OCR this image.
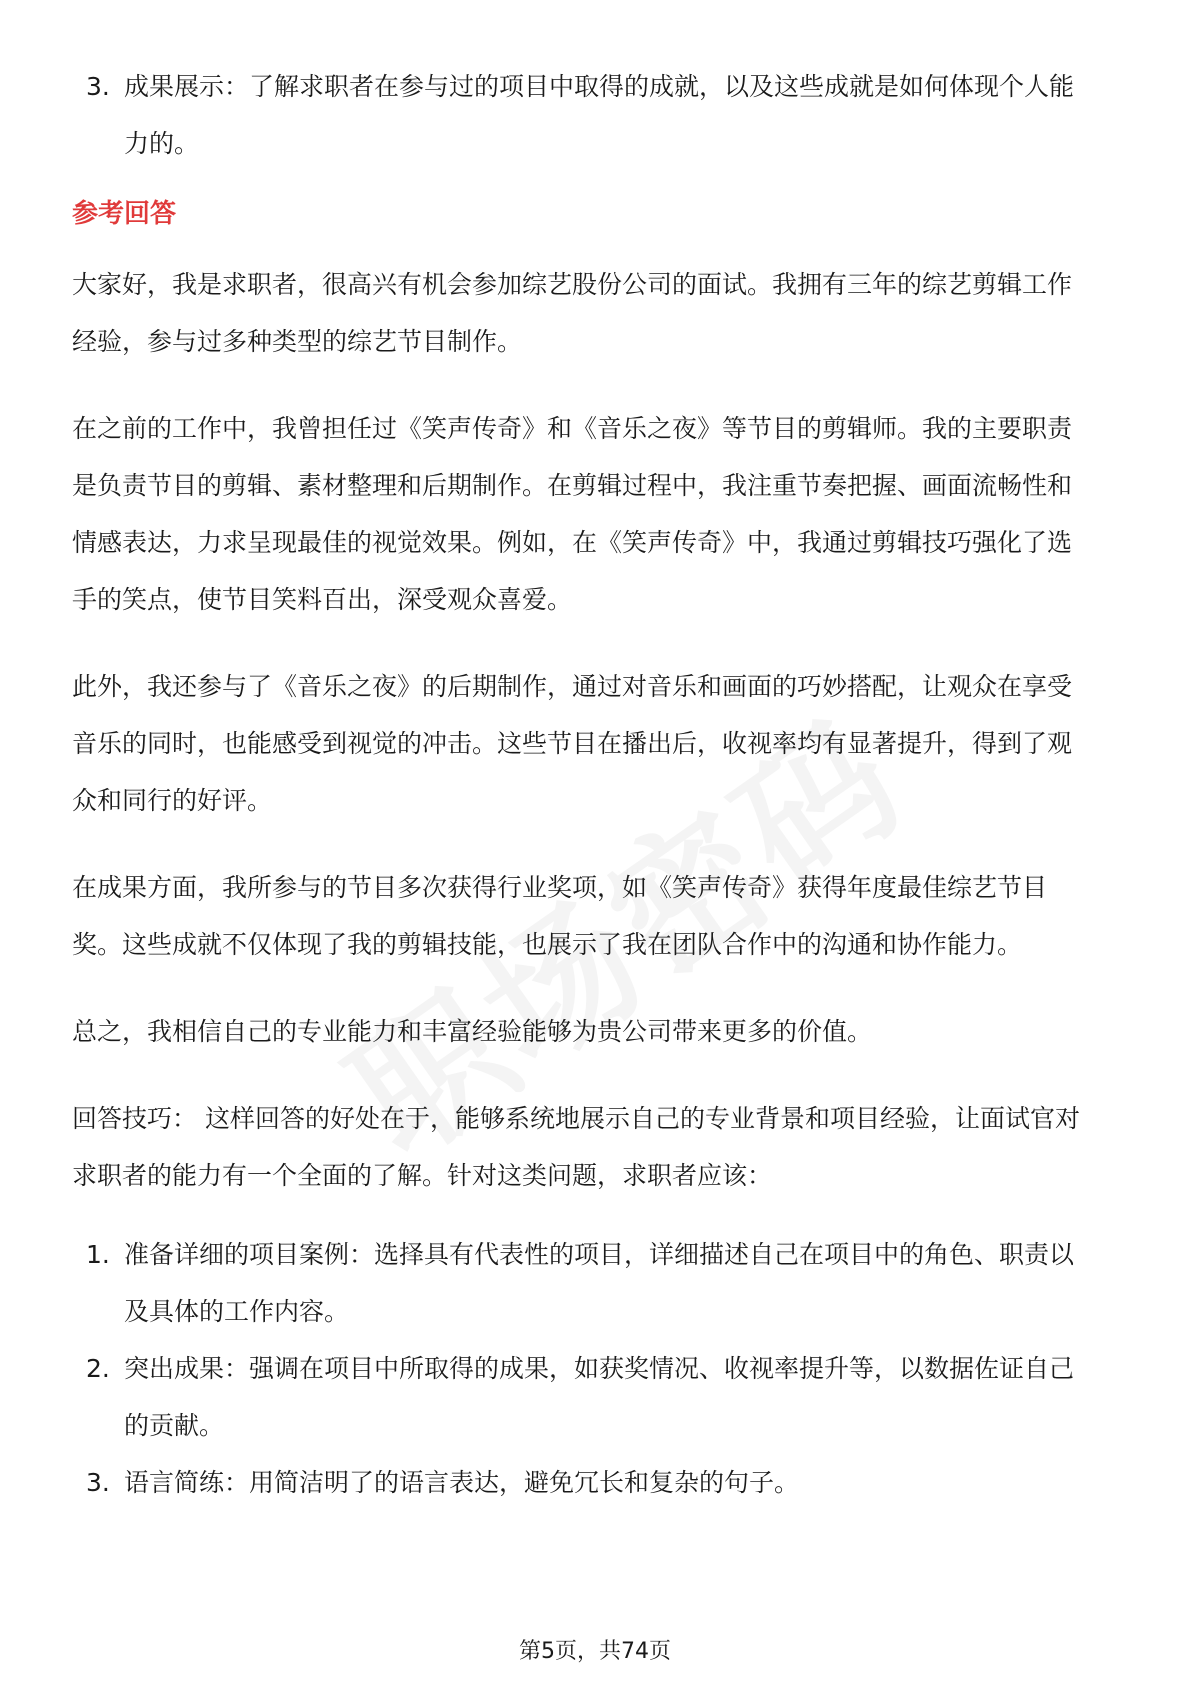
3. 成果展示：了解求职者在参与过的项目中取得的成就，以及这些成就是如何体现个人能力的。
参考回答

大家好，我是求职者，很高兴有机会参加综艺股份公司的面试。我拥有三年的综艺剪辑工作经验，参与过多种类型的综艺节目制作。

在之前的工作中，我曾担任过《笑声传奇》和《音乐之夜》等节目的剪辑师。我的主要职责是负责节目的剪辑、素材整理和后期制作。在剪辑过程中，我注重节奏把握、画面流畅性和情感表达，力求呈现最佳的视觉效果。例如，在《笑声传奇》中，我通过剪辑技巧强化了选手的笑点，使节目笑料百出，深受观众喜爱。

此外，我还参与了《音乐之夜》的后期制作，通过对音乐和画面的巧妙搭配，让观众在享受音乐的同时，也能感受到视觉的冲击。这些节目在播出后，收视率均有显著提升，得到了观众和同行的好评。

在成果方面，我所参与的节目多次获得行业奖项，如《笑声传奇》获得年度最佳综艺节目奖。这些成就不仅体现了我的剪辑技能，也展示了我在团队合作中的沟通和协作能力。

总之，我相信自己的专业能力和丰富经验能够为贵公司带来更多的价值。

回答技巧： 这样回答的好处在于，能够系统地展示自己的专业背景和项目经验，让面试官对求职者的能力有一个全面的了解。针对这类问题，求职者应该：

1. 准备详细的项目案例：选择具有代表性的项目，详细描述自己在项目中的角色、职责以及具体的工作内容。
2. 突出成果：强调在项目中所取得的成果，如获奖情况、收视率提升等，以数据佐证自己的贡献。
3. 语言简练：用简洁明了的语言表达，避免冗长和复杂的句子。
第5页，共74页
